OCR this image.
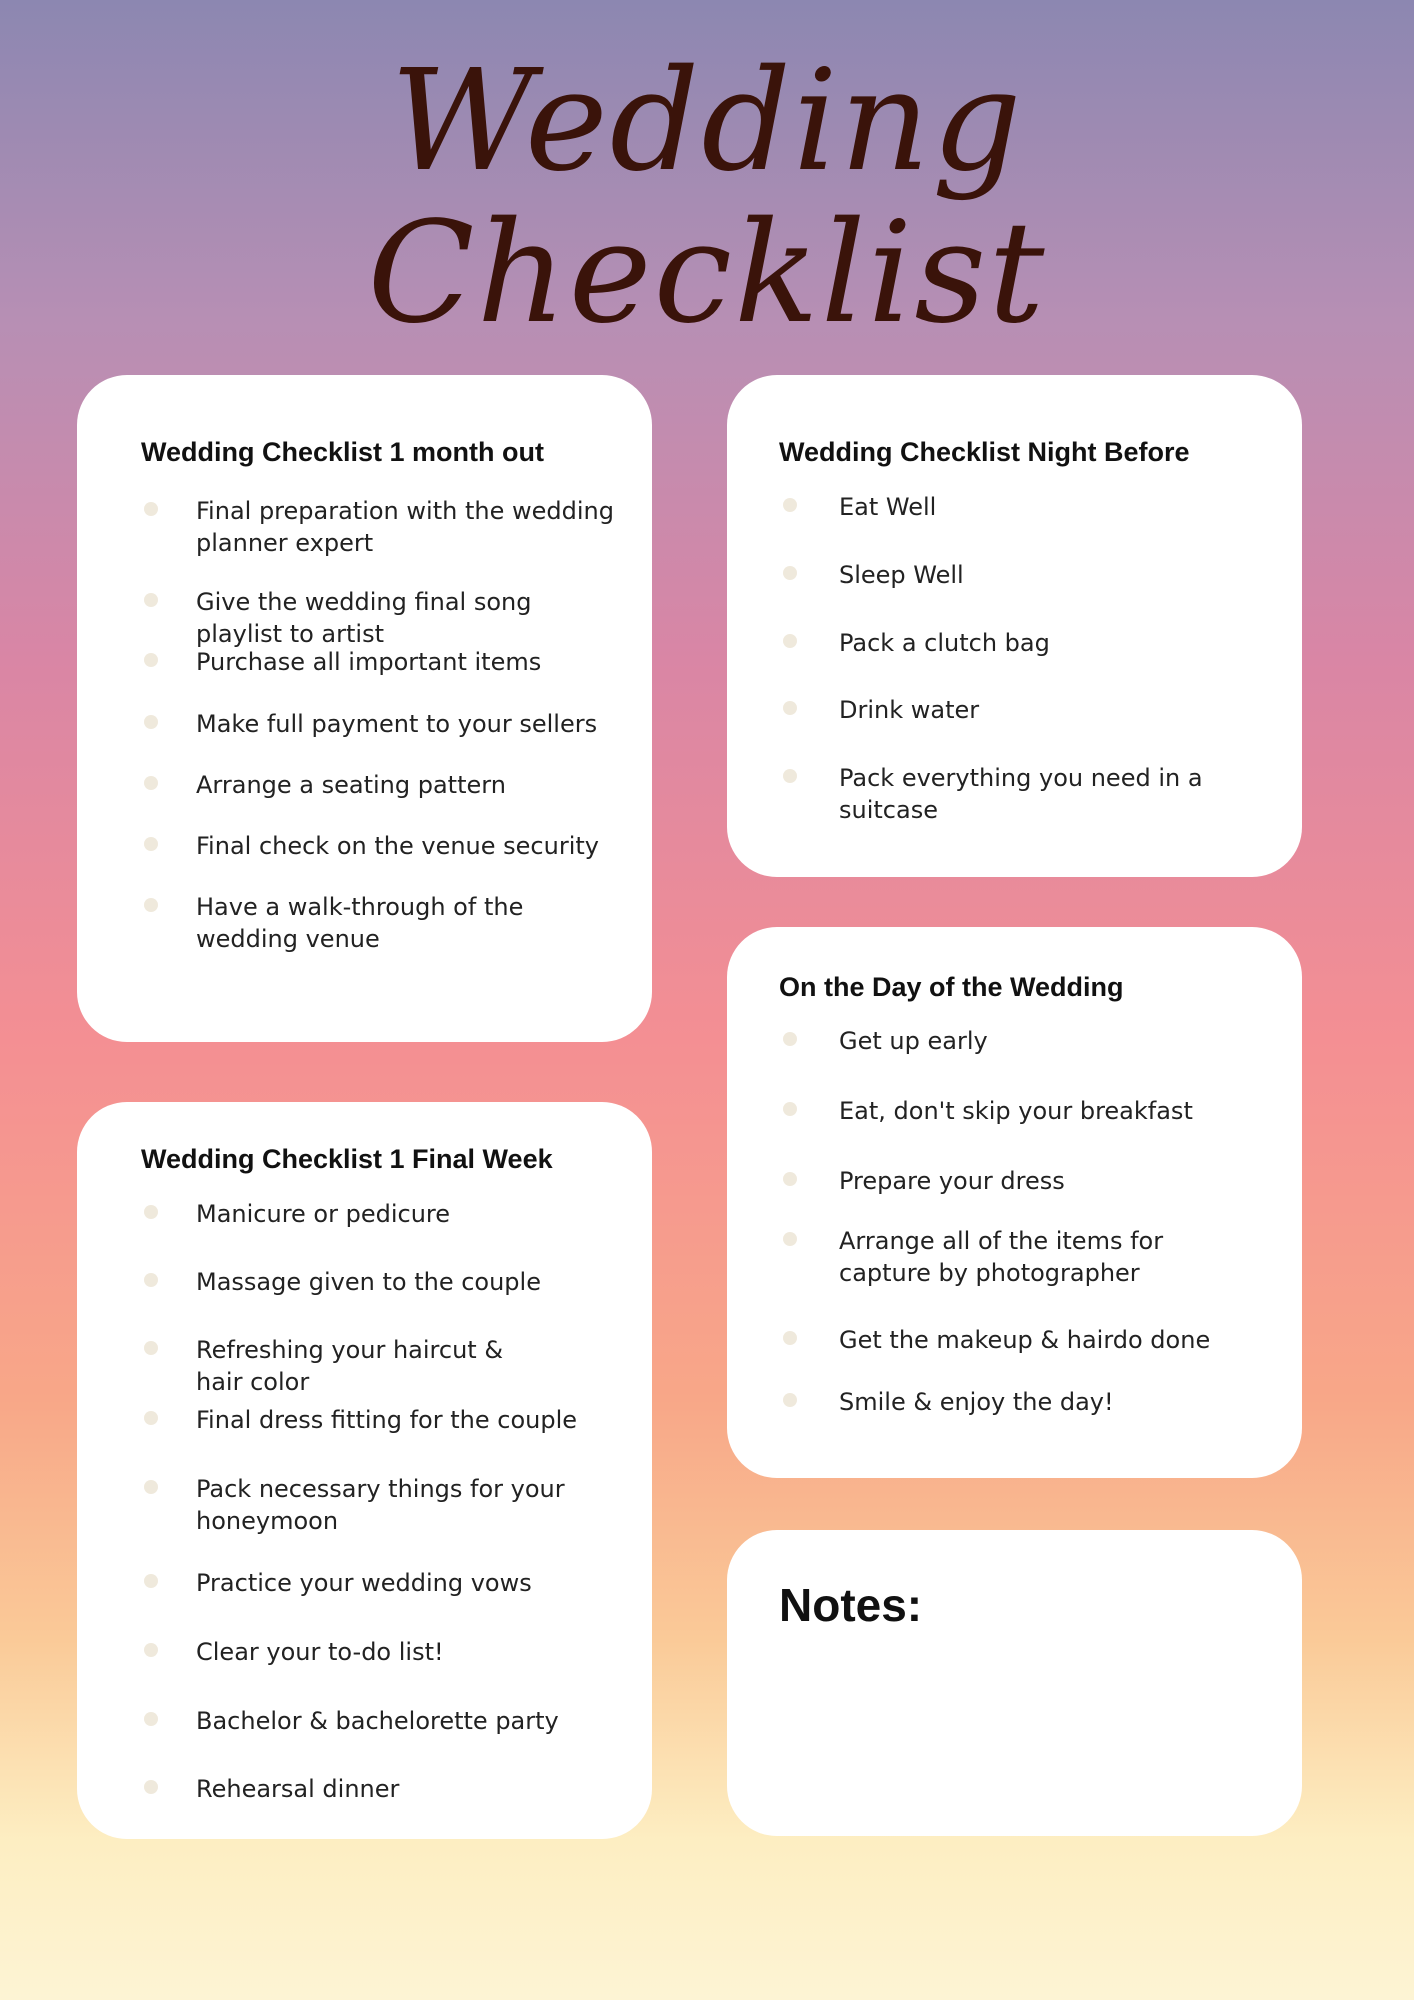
Wedding
Checklist
Wedding Checklist 1 month out
Final preparation with the wedding planner expert
Give the wedding final song playlist to artist
Purchase all important items
Make full payment to your sellers
Arrange a seating pattern
Final check on the venue security
Have a walk-through of the wedding venue
Wedding Checklist 1 Final Week
Manicure or pedicure
Massage given to the couple
Refreshing your haircut & hair color
Final dress fitting for the couple
Pack necessary things for your honeymoon
Practice your wedding vows
Clear your to-do list!
Bachelor & bachelorette party
Rehearsal dinner
Wedding Checklist Night Before
Eat Well
Sleep Well
Pack a clutch bag
Drink water
Pack everything you need in a suitcase
On the Day of the Wedding
Get up early
Eat, don't skip your breakfast
Prepare your dress
Arrange all of the items for capture by photographer
Get the makeup & hairdo done
Smile & enjoy the day!
Notes:
